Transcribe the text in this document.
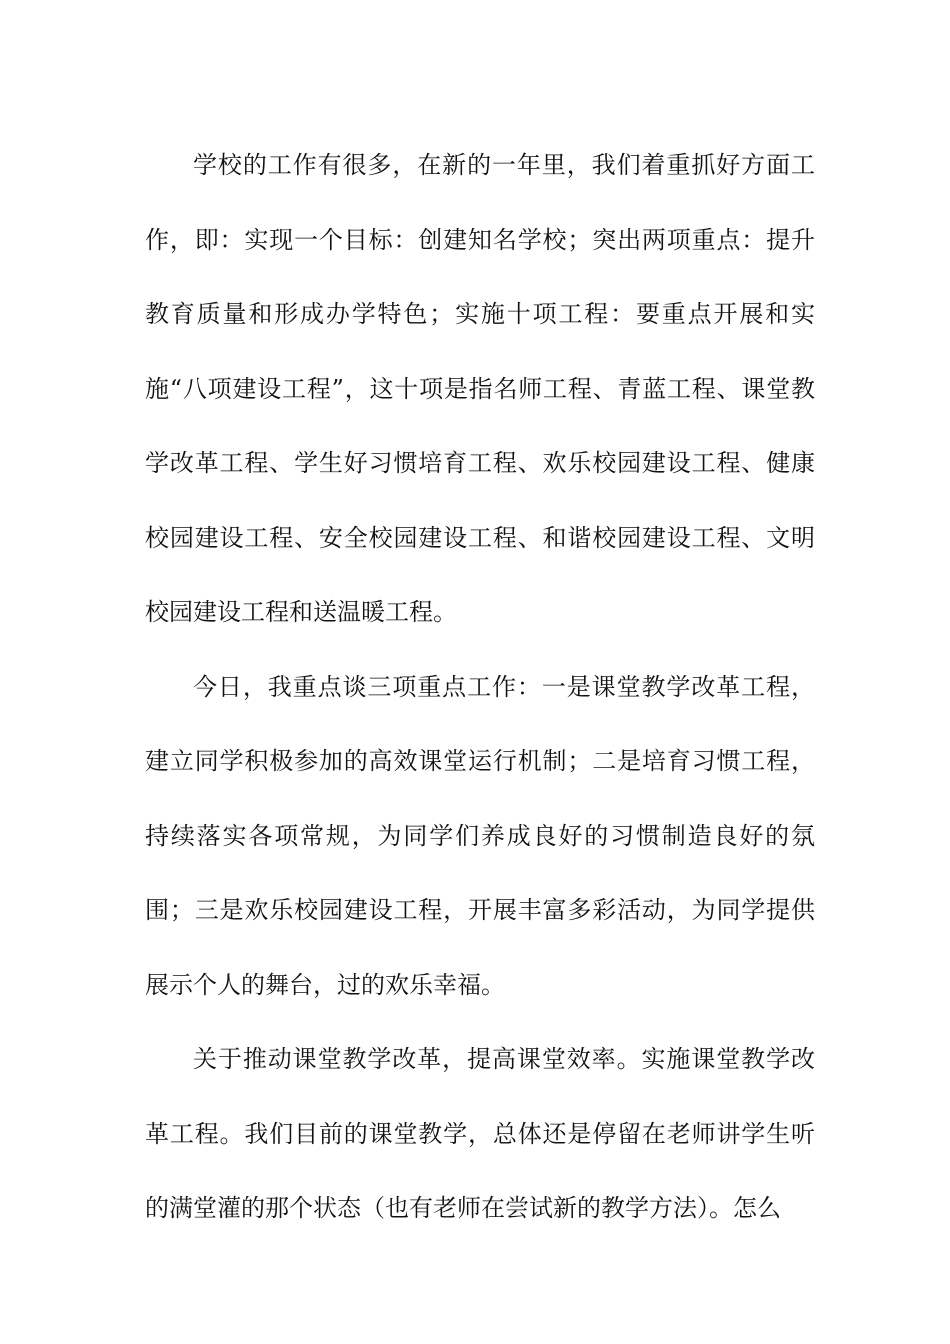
学校的工作有很多，在新的一年里，我们着重抓好方面工作，即：实现一个目标：创建知名学校；突出两项重点：提升教育质量和形成办学特色；实施十项工程：要重点开展和实施“八项建设工程”，这十项是指名师工程、青蓝工程、课堂教学改革工程、学生好习惯培育工程、欢乐校园建设工程、健康校园建设工程、安全校园建设工程、和谐校园建设工程、文明校园建设工程和送温暖工程。

今日，我重点谈三项重点工作：一是课堂教学改革工程，建立同学积极参加的高效课堂运行机制；二是培育习惯工程，持续落实各项常规，为同学们养成良好的习惯制造良好的氛围；三是欢乐校园建设工程，开展丰富多彩活动，为同学提供展示个人的舞台，过的欢乐幸福。

关于推动课堂教学改革，提高课堂效率。实施课堂教学改革工程。我们目前的课堂教学，总体还是停留在老师讲学生听的满堂灌的那个状态（也有老师在尝试新的教学方法）。怎么
